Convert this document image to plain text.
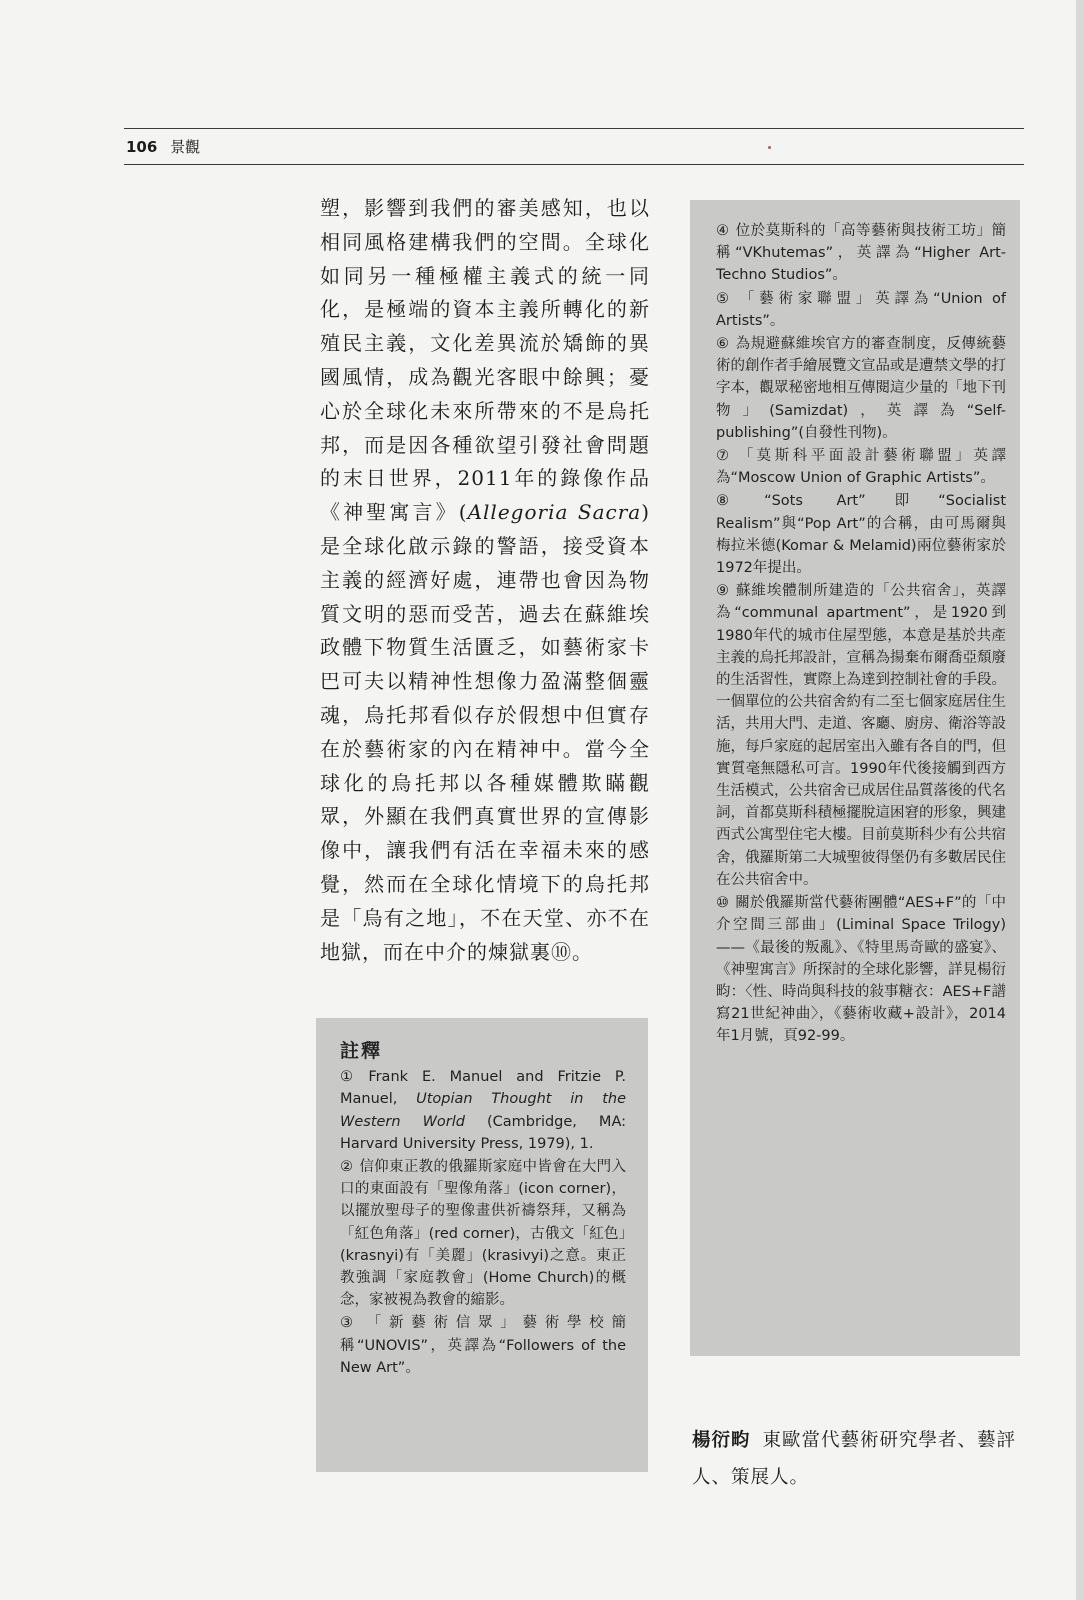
106 景觀
塑，影響到我們的審美感知，也以相同風格建構我們的空間。全球化如同另一種極權主義式的統一同化，是極端的資本主義所轉化的新殖民主義，文化差異流於矯飾的異國風情，成為觀光客眼中餘興；憂心於全球化未來所帶來的不是烏托邦，而是因各種欲望引發社會問題的末日世界，2011年的錄像作品《神聖寓言》(Allegoria Sacra) 是全球化啟示錄的警語，接受資本主義的經濟好處，連帶也會因為物質文明的惡而受苦，過去在蘇維埃政體下物質生活匱乏，如藝術家卡巴可夫以精神性想像力盈滿整個靈魂，烏托邦看似存於假想中但實存在於藝術家的內在精神中。當今全球化的烏托邦以各種媒體欺瞞觀眾，外顯在我們真實世界的宣傳影像中，讓我們有活在幸福未來的感覺，然而在全球化情境下的烏托邦是「烏有之地」，不在天堂、亦不在地獄，而在中介的煉獄裏⑩。
註釋
① Frank E. Manuel and Fritzie P. Manuel, Utopian Thought in the Western World (Cambridge, MA: Harvard University Press, 1979), 1.
② 信仰東正教的俄羅斯家庭中皆會在大門入口的東面設有「聖像角落」(icon corner)，以擺放聖母子的聖像畫供祈禱祭拜，又稱為「紅色角落」(red corner)，古俄文「紅色」(krasnyi)有「美麗」(krasivyi)之意。東正教強調「家庭教會」(Home Church)的概念，家被視為教會的縮影。
③ 「新藝術信眾」藝術學校簡稱“UNOVIS”，英譯為“Followers of the New Art”。
④ 位於莫斯科的「高等藝術與技術工坊」簡稱“VKhutemas”，英譯為“Higher Art-Techno Studios”。
⑤ 「藝術家聯盟」英譯為“Union of Artists”。
⑥ 為規避蘇維埃官方的審查制度，反傳統藝術的創作者手繪展覽文宣品或是遭禁文學的打字本，觀眾秘密地相互傳閱這少量的「地下刊物」(Samizdat)，英譯為“Self-publishing”(自發性刊物)。
⑦ 「莫斯科平面設計藝術聯盟」英譯為“Moscow Union of Graphic Artists”。
⑧ “Sots Art”即“Socialist Realism”與“Pop Art”的合稱，由可馬爾與梅拉米德(Komar & Melamid)兩位藝術家於1972年提出。
⑨ 蘇維埃體制所建造的「公共宿舍」，英譯為“communal apartment”，是1920到1980年代的城市住屋型態，本意是基於共產主義的烏托邦設計，宣稱為揚棄布爾喬亞頹廢的生活習性，實際上為達到控制社會的手段。一個單位的公共宿舍約有二至七個家庭居住生活，共用大門、走道、客廳、廚房、衛浴等設施，每戶家庭的起居室出入雖有各自的門，但實質毫無隱私可言。1990年代後接觸到西方生活模式，公共宿舍已成居住品質落後的代名詞，首都莫斯科積極擺脫這困窘的形象，興建西式公寓型住宅大樓。目前莫斯科少有公共宿舍，俄羅斯第二大城聖彼得堡仍有多數居民住在公共宿舍中。
⑩ 關於俄羅斯當代藝術團體“AES+F”的「中介空間三部曲」(Liminal Space Trilogy)——《最後的叛亂》、《特里馬奇歐的盛宴》、《神聖寓言》所探討的全球化影響，詳見楊衍畇：〈性、時尚與科技的敍事糖衣：AES+F譜寫21世紀神曲〉，《藝術收藏+設計》，2014年1月號，頁92-99。
楊衍畇 東歐當代藝術研究學者、藝評人、策展人。
